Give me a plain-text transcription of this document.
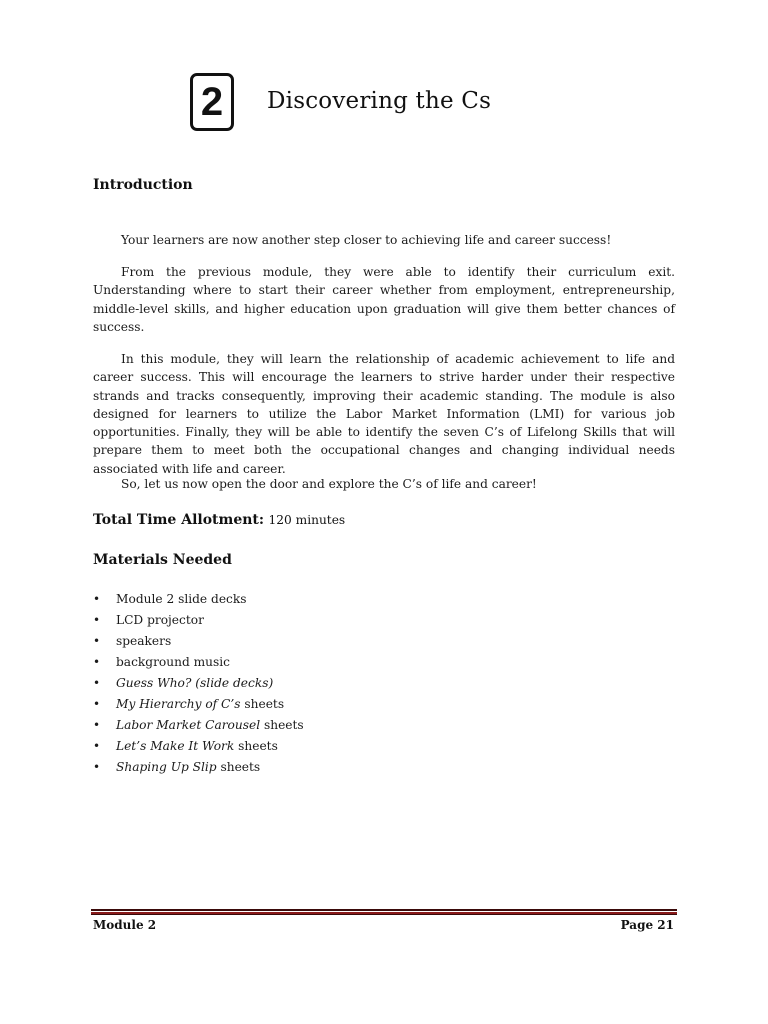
2 Discovering the Cs
Introduction

Your learners are now another step closer to achieving life and career success!

From the previous module, they were able to identify their curriculum exit. Understanding where to start their career whether from employment, entrepreneurship, middle-level skills, and higher education upon graduation will give them better chances of success.

In this module, they will learn the relationship of academic achievement to life and career success. This will encourage the learners to strive harder under their respective strands and tracks consequently, improving their academic standing. The module is also designed for learners to utilize the Labor Market Information (LMI) for various job opportunities. Finally, they will be able to identify the seven C’s of Lifelong Skills that will prepare them to meet both the occupational changes and changing individual needs associated with life and career.

So, let us now open the door and explore the C’s of life and career!

Total Time Allotment: 120 minutes
Materials Needed
• Module 2 slide decks
• LCD projector
• speakers
• background music
• Guess Who? (slide decks)
• My Hierarchy of C’s sheets
• Labor Market Carousel sheets
• Let’s Make It Work sheets
• Shaping Up Slip sheets
Module 2	Page 21
